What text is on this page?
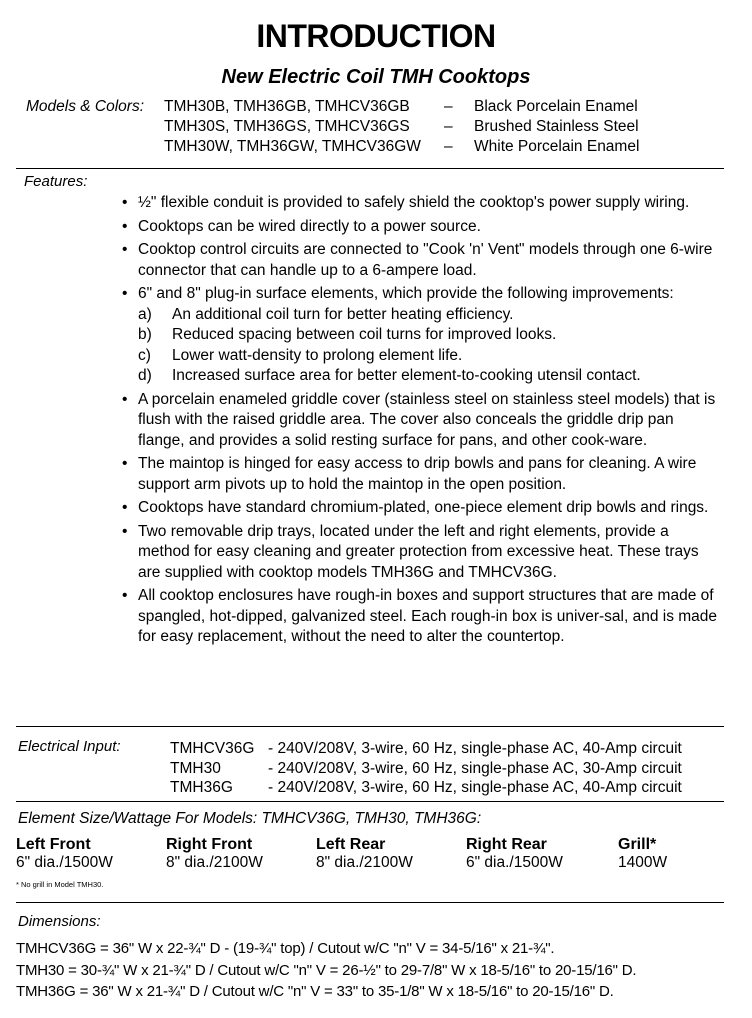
INTRODUCTION
New Electric Coil TMH Cooktops
Models & Colors: TMH30B, TMH36GB, TMHCV36GB – Black Porcelain Enamel
TMH30S, TMH36GS, TMHCV36GS – Brushed Stainless Steel
TMH30W, TMH36GW, TMHCV36GW – White Porcelain Enamel
Features:
• ½" flexible conduit is provided to safely shield the cooktop's power supply wiring.
• Cooktops can be wired directly to a power source.
• Cooktop control circuits are connected to "Cook 'n' Vent" models through one 6-wire connector that can handle up to a 6-ampere load.
• 6" and 8" plug-in surface elements, which provide the following improvements:
a) An additional coil turn for better heating efficiency.
b) Reduced spacing between coil turns for improved looks.
c) Lower watt-density to prolong element life.
d) Increased surface area for better element-to-cooking utensil contact.
• A porcelain enameled griddle cover (stainless steel on stainless steel models) that is flush with the raised griddle area. The cover also conceals the griddle drip pan flange, and provides a solid resting surface for pans, and other cook-ware.
• The maintop is hinged for easy access to drip bowls and pans for cleaning. A wire support arm pivots up to hold the maintop in the open position.
• Cooktops have standard chromium-plated, one-piece element drip bowls and rings.
• Two removable drip trays, located under the left and right elements, provide a method for easy cleaning and greater protection from excessive heat. These trays are supplied with cooktop models TMH36G and TMHCV36G.
• All cooktop enclosures have rough-in boxes and support structures that are made of spangled, hot-dipped, galvanized steel. Each rough-in box is univer-sal, and is made for easy replacement, without the need to alter the countertop.
Electrical Input:	TMHCV36G - 240V/208V, 3-wire, 60 Hz, single-phase AC, 40-Amp circuit
TMH30	- 240V/208V, 3-wire, 60 Hz, single-phase AC, 30-Amp circuit
TMH36G - 240V/208V, 3-wire, 60 Hz, single-phase AC, 40-Amp circuit
Element Size/Wattage For Models: TMHCV36G, TMH30, TMH36G:
Left Front
6" dia./1500W
Right Front
8" dia./2100W
Left Rear
8" dia./2100W
Right Rear
6" dia./1500W
Grill*
1400W
* No grill in Model TMH30.
Dimensions:
TMHCV36G = 36" W x 22-¾" D - (19-¾" top) / Cutout w/C "n" V = 34-5/16" x 21-¾".
TMH30 = 30-¾" W x 21-¾" D / Cutout w/C "n" V = 26-½" to 29-7/8" W x 18-5/16" to 20-15/16" D.
TMH36G = 36" W x 21-¾" D / Cutout w/C "n" V = 33" to 35-1/8" W x 18-5/16" to 20-15/16" D.
